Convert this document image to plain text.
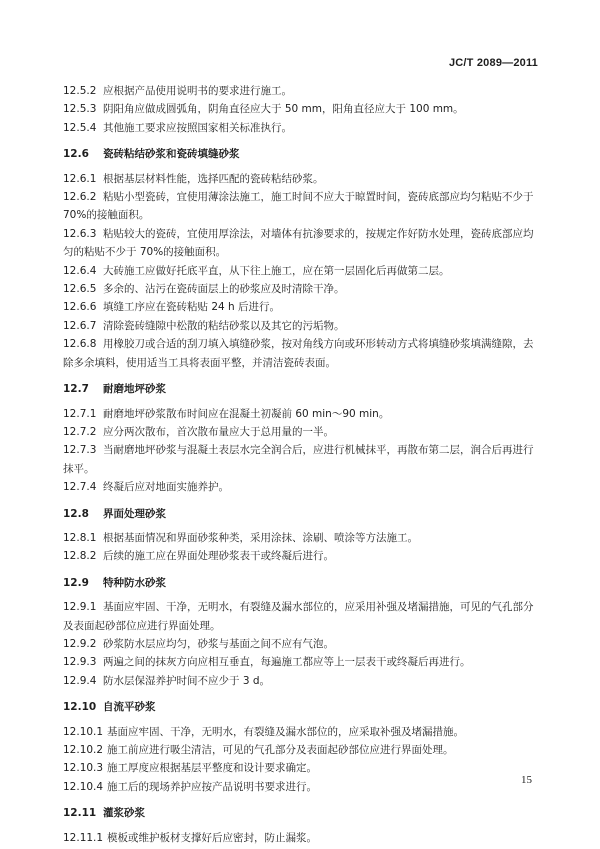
JC/T 2089—2011

12.5.2 应根据产品使用说明书的要求进行施工。

12.5.3 阴阳角应做成圆弧角，阴角直径应大于 50 mm，阳角直径应大于 100 mm。

12.5.4 其他施工要求应按照国家相关标准执行。

12.6 瓷砖粘结砂浆和瓷砖填缝砂浆

12.6.1 根据基层材料性能，选择匹配的瓷砖粘结砂浆。

12.6.2 粘贴小型瓷砖，宜使用薄涂法施工，施工时间不应大于晾置时间，瓷砖底部应均匀粘贴不少于
70%的接触面积。

12.6.3 粘贴较大的瓷砖，宜使用厚涂法，对墙体有抗渗要求的，按规定作好防水处理，瓷砖底部应均
匀的粘贴不少于 70%的接触面积。

12.6.4 大砖施工应做好托底平直，从下往上施工，应在第一层固化后再做第二层。

12.6.5 多余的、沾污在瓷砖面层上的砂浆应及时清除干净。

12.6.6 填缝工序应在瓷砖粘贴 24 h 后进行。

12.6.7 清除瓷砖缝隙中松散的粘结砂浆以及其它的污垢物。

12.6.8 用橡胶刀或合适的刮刀填入填缝砂浆，按对角线方向或环形转动方式将填缝砂浆填满缝隙，去
除多余填料，使用适当工具将表面平整，并清洁瓷砖表面。

12.7 耐磨地坪砂浆

12.7.1 耐磨地坪砂浆散布时间应在混凝土初凝前 60 min～90 min。

12.7.2 应分两次散布，首次散布量应大于总用量的一半。

12.7.3 当耐磨地坪砂浆与混凝土表层水完全润合后，应进行机械抹平，再散布第二层，润合后再进行
抹平。

12.7.4 终凝后应对地面实施养护。

12.8 界面处理砂浆

12.8.1 根据基面情况和界面砂浆种类，采用涂抹、涂刷、喷涂等方法施工。

12.8.2 后续的施工应在界面处理砂浆表干或终凝后进行。

12.9 特种防水砂浆

12.9.1 基面应牢固、干净，无明水，有裂缝及漏水部位的，应采用补强及堵漏措施，可见的气孔部分
及表面起砂部位应进行界面处理。

12.9.2 砂浆防水层应均匀，砂浆与基面之间不应有气泡。

12.9.3 两遍之间的抹灰方向应相互垂直，每遍施工都应等上一层表干或终凝后再进行。

12.9.4 防水层保湿养护时间不应少于 3 d。

12.10 自流平砂浆

12.10.1 基面应牢固、干净，无明水，有裂缝及漏水部位的，应采取补强及堵漏措施。

12.10.2 施工前应进行吸尘清洁，可见的气孔部分及表面起砂部位应进行界面处理。

12.10.3 施工厚度应根据基层平整度和设计要求确定。

12.10.4 施工后的现场养护应按产品说明书要求进行。

12.11 灌浆砂浆

12.11.1 模板或维护板材支撑好后应密封，防止漏浆。

15
